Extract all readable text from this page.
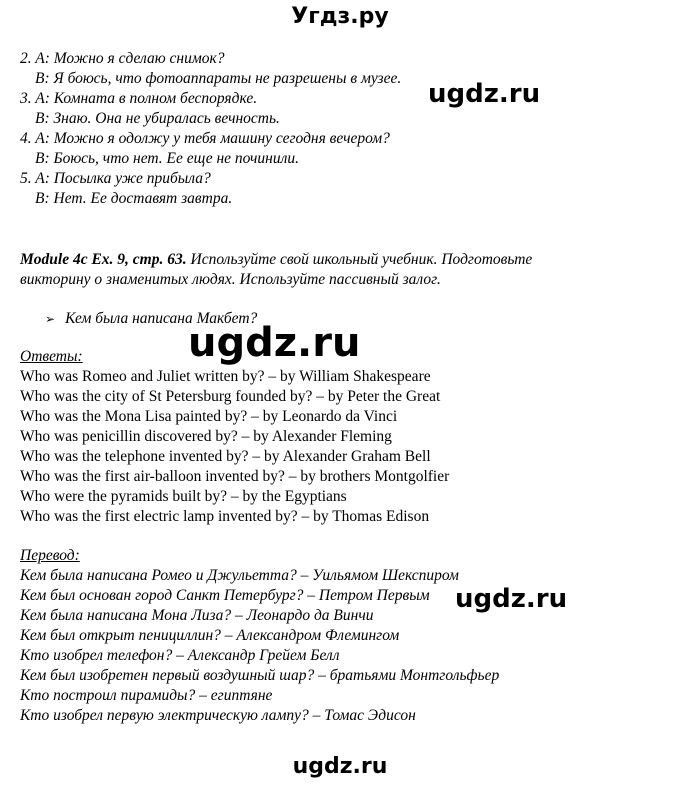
Угдз.ру
2. A: Можно я сделаю снимок?
B: Я боюсь, что фотоаппараты не разрешены в музее.
3. A: Комната в полном беспорядке.
B: Знаю. Она не убиралась вечность.
4. A: Можно я одолжу у тебя машину сегодня вечером?
B: Боюсь, что нет. Ее еще не починили.
5. A: Посылка уже прибыла?
B: Нет. Ее доставят завтра.
Module 4c Ex. 9, стр. 63. Используйте свой школьный учебник. Подготовьте
викторину о знаменитых людях. Используйте пассивный залог.
➢ Кем была написана Макбет?
Ответы:
Who was Romeo and Juliet written by? – by William Shakespeare
Who was the city of St Petersburg founded by? – by Peter the Great
Who was the Mona Lisa painted by? – by Leonardo da Vinci
Who was penicillin discovered by? – by Alexander Fleming
Who was the telephone invented by? – by Alexander Graham Bell
Who was the first air-balloon invented by? – by brothers Montgolfier
Who were the pyramids built by? – by the Egyptians
Who was the first electric lamp invented by? – by Thomas Edison
Перевод:
Кем была написана Ромео и Джульетта? – Уильямом Шекспиром
Кем был основан город Санкт Петербург? – Петром Первым
Кем была написана Мона Лиза? – Леонардо да Винчи
Кем был открыт пенициллин? – Александром Флемингом
Кто изобрел телефон? – Александр Грейем Белл
Кем был изобретен первый воздушный шар? – братьями Монтгольфьер
Кто построил пирамиды? – египтяне
Кто изобрел первую электрическую лампу? – Томас Эдисон
ugdz.ru
ugdz.ru
ugdz.ru
ugdz.ru
